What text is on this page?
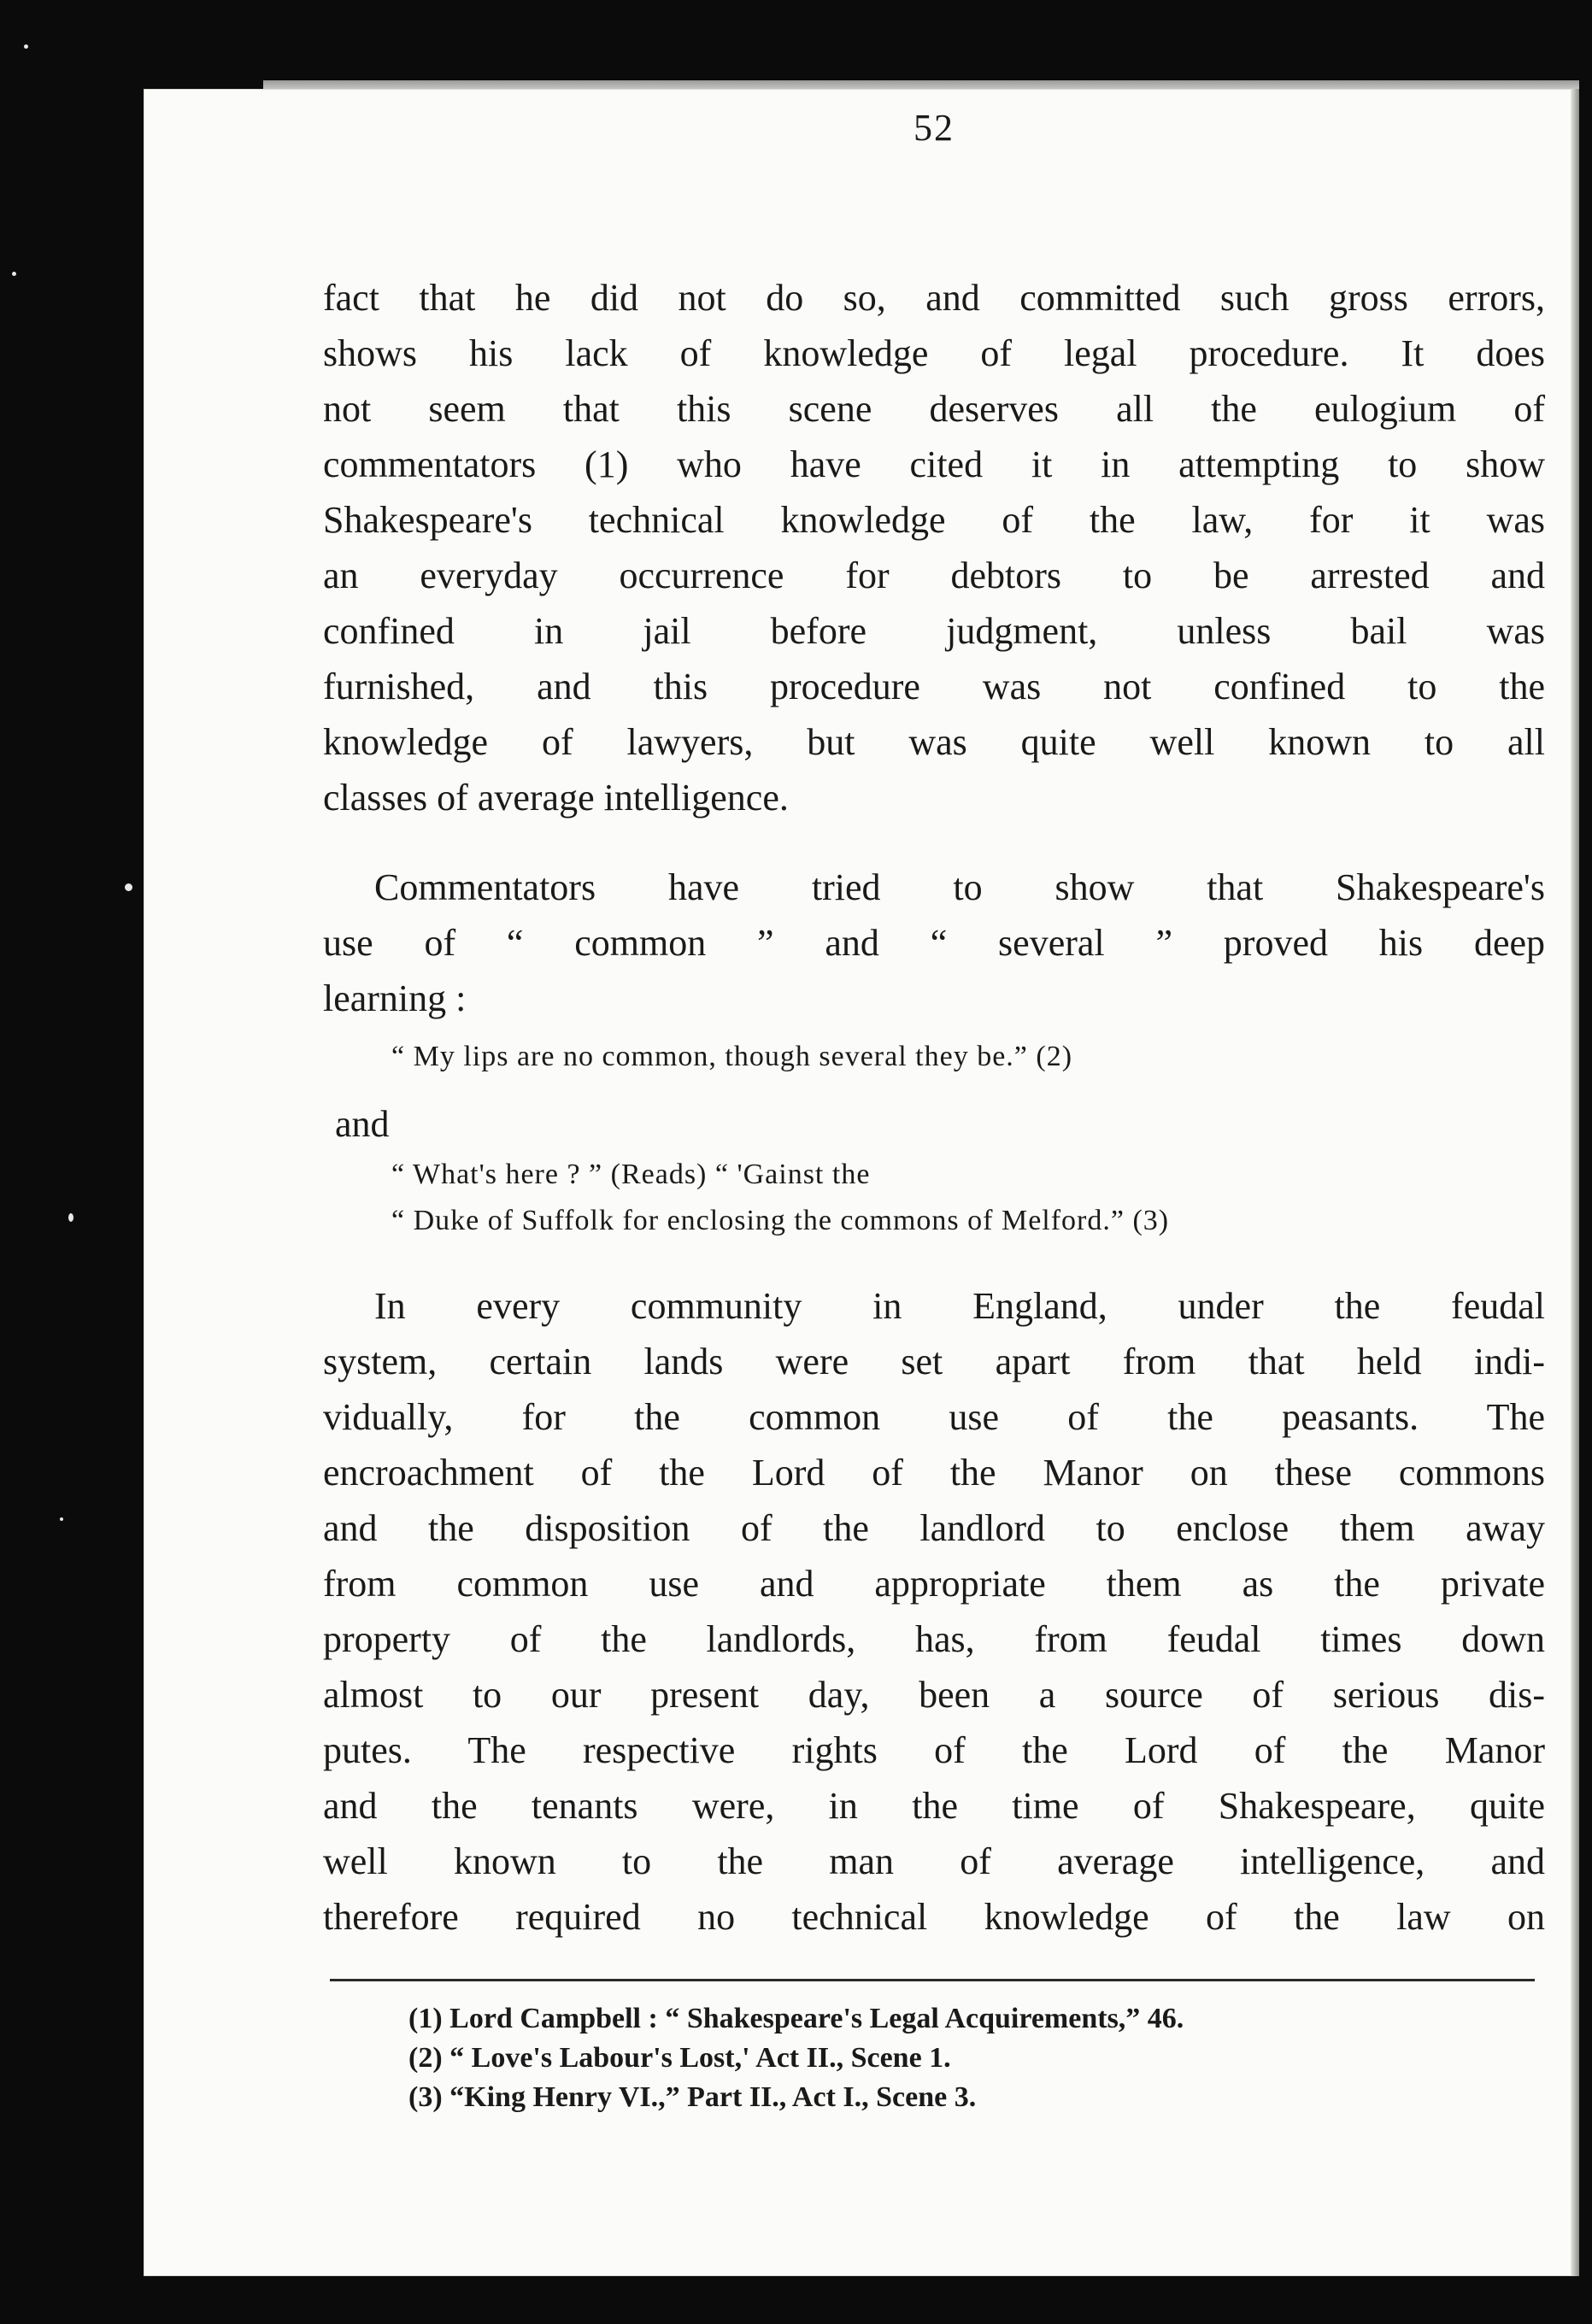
52
fact that he did not do so, and committed such gross errors,
shows his lack of knowledge of legal procedure. It does
not seem that this scene deserves all the eulogium of
commentators (1) who have cited it in attempting to show
Shakespeare's technical knowledge of the law, for it was
an everyday occurrence for debtors to be arrested and
confined in jail before judgment, unless bail was
furnished, and this procedure was not confined to the
knowledge of lawyers, but was quite well known to all
classes of average intelligence.
Commentators have tried to show that Shakespeare's
use of “ common ” and “ several ” proved his deep
learning :
“ My lips are no common, though several they be.” (2)
and
“ What's here ? ” (Reads) “ 'Gainst the
“ Duke of Suffolk for enclosing the commons of Melford.” (3)
In every community in England, under the feudal
system, certain lands were set apart from that held indi-
vidually, for the common use of the peasants. The
encroachment of the Lord of the Manor on these commons
and the disposition of the landlord to enclose them away
from common use and appropriate them as the private
property of the landlords, has, from feudal times down
almost to our present day, been a source of serious dis-
putes. The respective rights of the Lord of the Manor
and the tenants were, in the time of Shakespeare, quite
well known to the man of average intelligence, and
therefore required no technical knowledge of the law on
(1) Lord Campbell : “ Shakespeare's Legal Acquirements,” 46.
(2) “ Love's Labour's Lost,' Act II., Scene 1.
(3) “King Henry VI.,” Part II., Act I., Scene 3.
